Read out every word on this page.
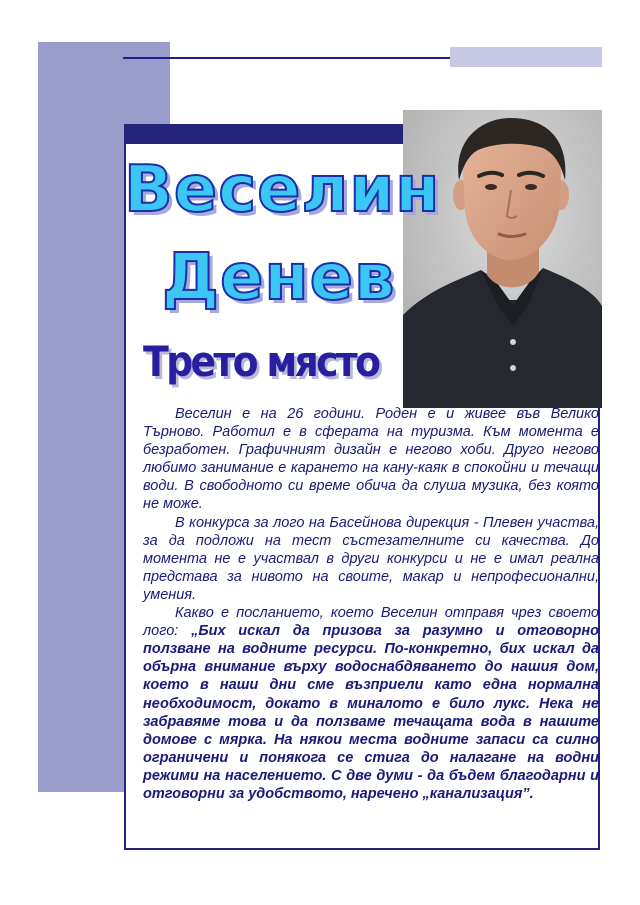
Веселин
Денев
Трето място

Веселин е на 26 години. Роден е и живее във Велико Търново. Работил е в сферата на туризма. Към момента е безработен. Графичният дизайн е негово хоби. Друго негово любимо занимание е карането на кану-каяк в спокойни и течащи води. В свободното си време обича да слуша музика, без която не може.

В конкурса за лого на Басейнова дирекция - Плевен участва, за да подложи на тест състезателните си качества. До момента не е участвал в други конкурси и не е имал реална представа за нивото на своите, макар и непрофесионални, умения.

Какво е посланието, което Веселин отправя чрез своето лого: „Бих искал да призова за разумно и отговорно ползване на водните ресурси. По-конкретно, бих искал да обърна внимание върху водоснабдяването до нашия дом, което в наши дни сме възприели като една нормална необходимост, докато в миналото е било лукс. Нека не забравяме това и да ползваме течащата вода в нашите домове с мярка. На някои места водните запаси са силно ограничени и понякога се стига до налагане на водни режими на населението. С две думи - да бъдем благодарни и отговорни за удобството, наречено „канализация”.
